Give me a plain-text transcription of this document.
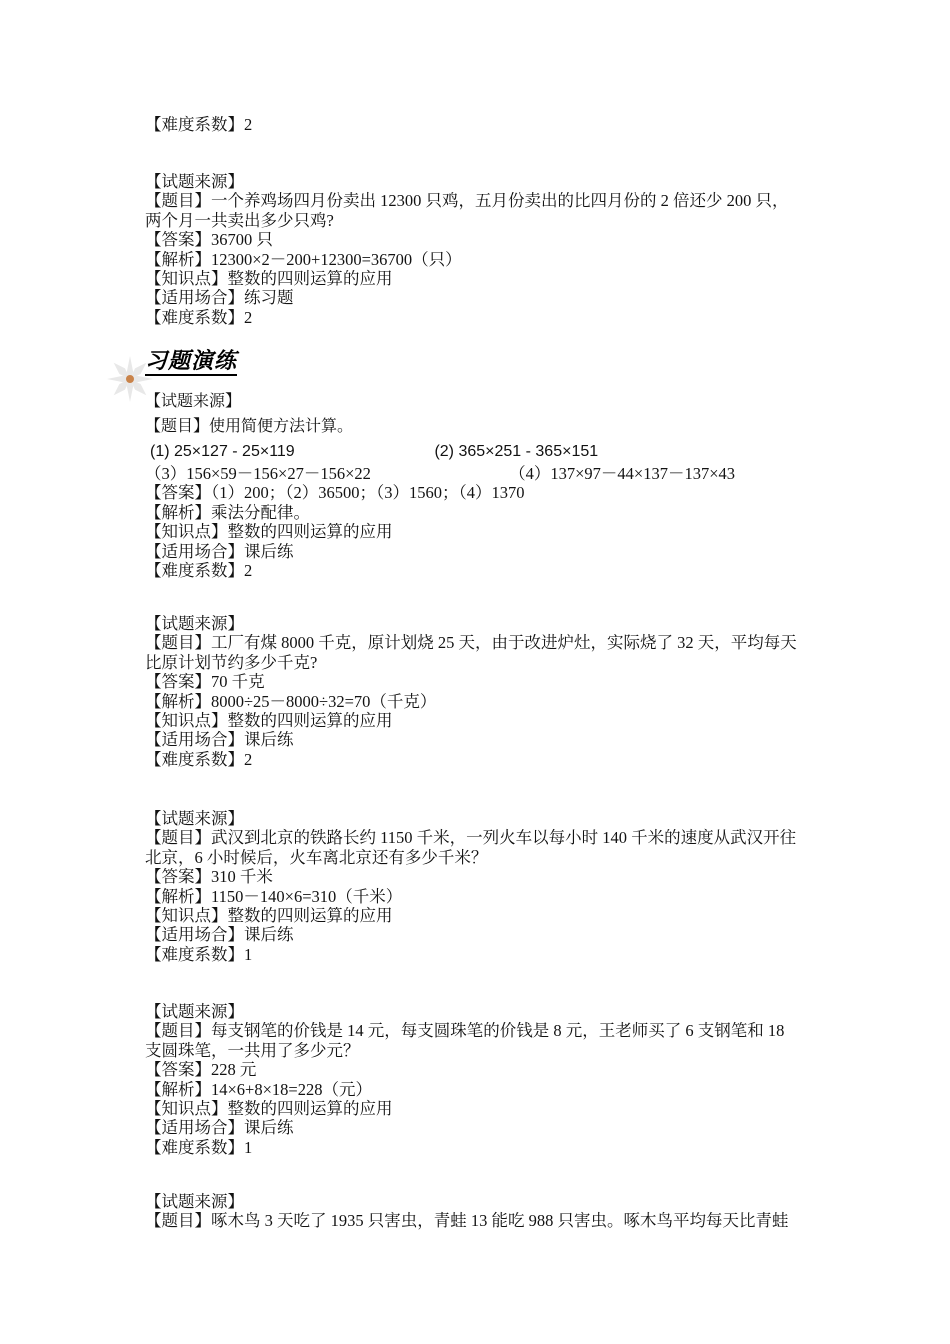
【难度系数】2
【试题来源】
【题目】一个养鸡场四月份卖出 12300 只鸡，五月份卖出的比四月份的 2 倍还少 200 只，
两个月一共卖出多少只鸡?
【答案】36700 只
【解析】12300×2－200+12300=36700（只）
【知识点】整数的四则运算的应用
【适用场合】练习题
【难度系数】2
习题演练
【试题来源】
【题目】使用简便方法计算。
(1) 25×127 - 25×119	(2) 365×251 - 365×151
（3）156×59－156×27－156×22	（4）137×97－44×137－137×43
【答案】（1）200；（2）36500；（3）1560；（4）1370
【解析】乘法分配律。
【知识点】整数的四则运算的应用
【适用场合】课后练
【难度系数】2
【试题来源】
【题目】工厂有煤 8000 千克，原计划烧 25 天，由于改进炉灶，实际烧了 32 天，平均每天
比原计划节约多少千克?
【答案】70 千克
【解析】8000÷25－8000÷32=70（千克）
【知识点】整数的四则运算的应用
【适用场合】课后练
【难度系数】2
【试题来源】
【题目】武汉到北京的铁路长约 1150 千米，一列火车以每小时 140 千米的速度从武汉开往
北京，6 小时候后，火车离北京还有多少千米？
【答案】310 千米
【解析】1150－140×6=310（千米）
【知识点】整数的四则运算的应用
【适用场合】课后练
【难度系数】1
【试题来源】
【题目】每支钢笔的价钱是 14 元，每支圆珠笔的价钱是 8 元，王老师买了 6 支钢笔和 18
支圆珠笔，一共用了多少元？
【答案】228 元
【解析】14×6+8×18=228（元）
【知识点】整数的四则运算的应用
【适用场合】课后练
【难度系数】1
【试题来源】
【题目】啄木鸟 3 天吃了 1935 只害虫，青蛙 13 能吃 988 只害虫。啄木鸟平均每天比青蛙
